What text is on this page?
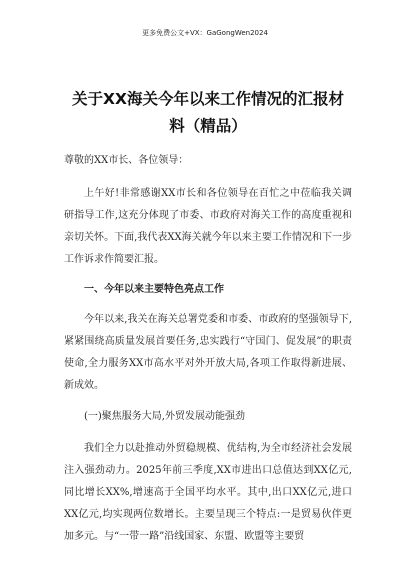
更多免费公文+VX：GaGongWen2024
关于XX海关今年以来工作情况的汇报材料（精品）

尊敬的XX市长、各位领导：

上午好!非常感谢XX市长和各位领导在百忙之中莅临我关调研指导工作,这充分体现了市委、市政府对海关工作的高度重视和亲切关怀。下面,我代表XX海关就今年以来主要工作情况和下一步工作诉求作简要汇报。

一、今年以来主要特色亮点工作

今年以来,我关在海关总署党委和市委、市政府的坚强领导下,紧紧围绕高质量发展首要任务,忠实践行“守国门、促发展”的职责使命,全力服务XX市高水平对外开放大局,各项工作取得新进展、新成效。

(一)聚焦服务大局,外贸发展动能强劲

我们全力以赴推动外贸稳规模、优结构,为全市经济社会发展注入强劲动力。2025年前三季度,XX市进出口总值达到XX亿元,同比增长XX%,增速高于全国平均水平。其中,出口XX亿元,进口XX亿元,均实现两位数增长。主要呈现三个特点:一是贸易伙伴更加多元。与“一带一路”沿线国家、东盟、欧盟等主要贸
